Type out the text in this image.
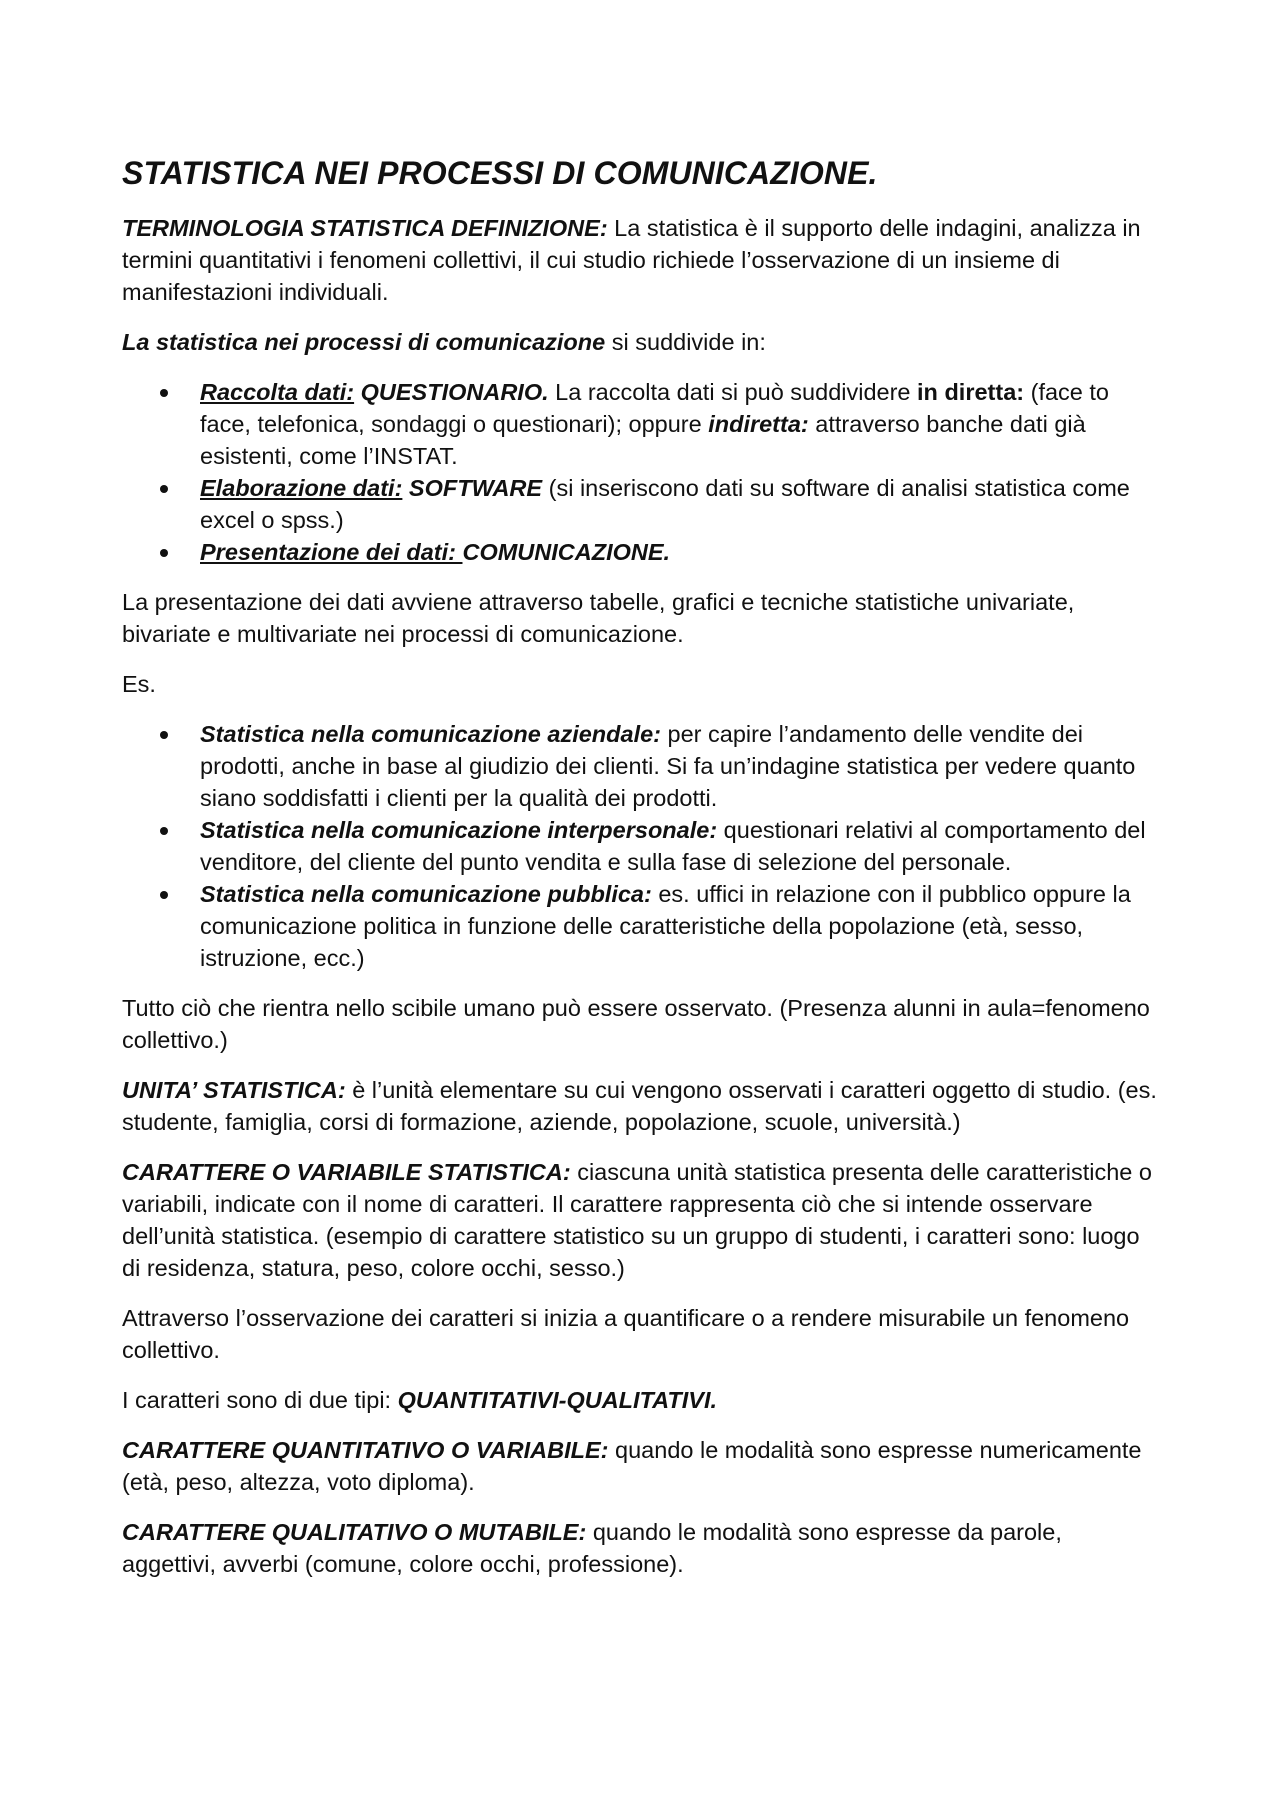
STATISTICA NEI PROCESSI DI COMUNICAZIONE.

TERMINOLOGIA STATISTICA DEFINIZIONE: La statistica è il supporto delle indagini, analizza in termini quantitativi i fenomeni collettivi, il cui studio richiede l’osservazione di un insieme di manifestazioni individuali.

La statistica nei processi di comunicazione si suddivide in:

Raccolta dati: QUESTIONARIO. La raccolta dati si può suddividere in diretta: (face to face, telefonica, sondaggi o questionari); oppure indiretta: attraverso banche dati già esistenti, come l’INSTAT.
Elaborazione dati: SOFTWARE (si inseriscono dati su software di analisi statistica come excel o spss.)
Presentazione dei dati: COMUNICAZIONE.

La presentazione dei dati avviene attraverso tabelle, grafici e tecniche statistiche univariate, bivariate e multivariate nei processi di comunicazione.

Es.

Statistica nella comunicazione aziendale: per capire l’andamento delle vendite dei prodotti, anche in base al giudizio dei clienti. Si fa un’indagine statistica per vedere quanto siano soddisfatti i clienti per la qualità dei prodotti.
Statistica nella comunicazione interpersonale: questionari relativi al comportamento del venditore, del cliente del punto vendita e sulla fase di selezione del personale.
Statistica nella comunicazione pubblica: es. uffici in relazione con il pubblico oppure la comunicazione politica in funzione delle caratteristiche della popolazione (età, sesso, istruzione, ecc.)

Tutto ciò che rientra nello scibile umano può essere osservato. (Presenza alunni in aula=fenomeno collettivo.)

UNITA’ STATISTICA: è l’unità elementare su cui vengono osservati i caratteri oggetto di studio. (es. studente, famiglia, corsi di formazione, aziende, popolazione, scuole, università.)

CARATTERE O VARIABILE STATISTICA: ciascuna unità statistica presenta delle caratteristiche o variabili, indicate con il nome di caratteri. Il carattere rappresenta ciò che si intende osservare dell’unità statistica. (esempio di carattere statistico su un gruppo di studenti, i caratteri sono: luogo di residenza, statura, peso, colore occhi, sesso.)

Attraverso l’osservazione dei caratteri si inizia a quantificare o a rendere misurabile un fenomeno collettivo.

I caratteri sono di due tipi: QUANTITATIVI-QUALITATIVI.

CARATTERE QUANTITATIVO O VARIABILE: quando le modalità sono espresse numericamente (età, peso, altezza, voto diploma).

CARATTERE QUALITATIVO O MUTABILE: quando le modalità sono espresse da parole, aggettivi, avverbi (comune, colore occhi, professione).
